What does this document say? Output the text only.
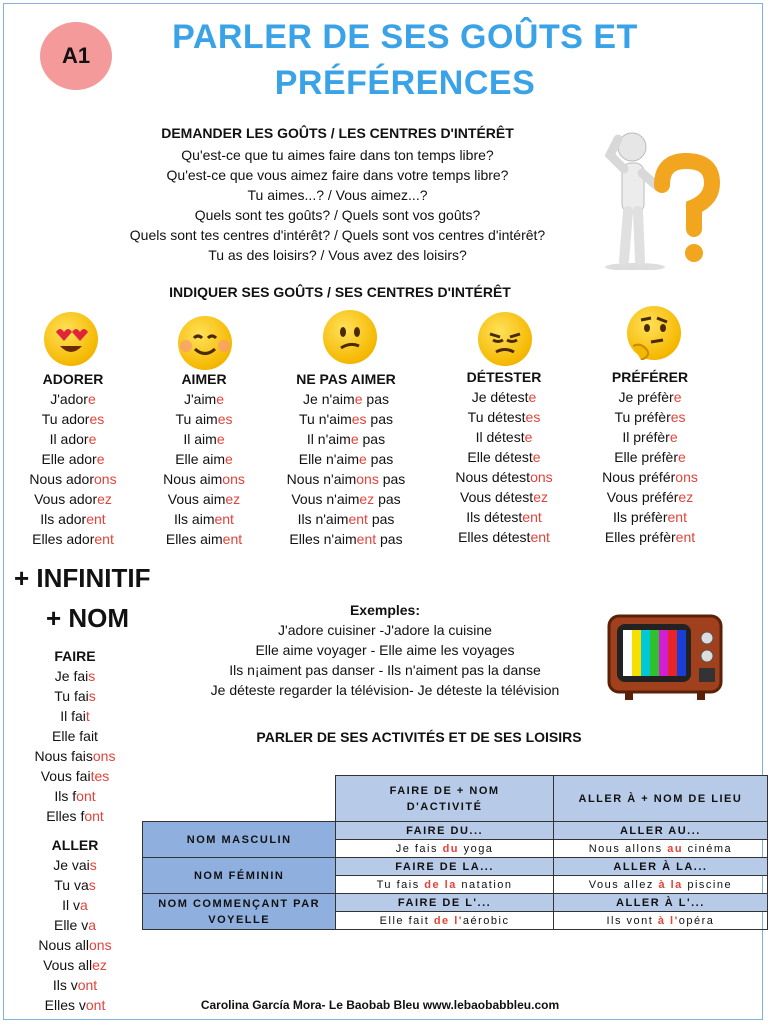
A1	PARLER DE SES GOÛTS ET
PRÉFÉRENCES
DEMANDER LES GOÛTS / LES CENTRES D'INTÉRÊT
Qu'est-ce que tu aimes faire dans ton temps libre?
Qu'est-ce que vous aimez faire dans votre temps libre?
Tu aimes...? / Vous aimez...?
Quels sont tes goûts? / Quels sont vos goûts?
Quels sont tes centres d'intérêt? / Quels sont vos centres d'intérêt?
Tu as des loisirs? / Vous avez des loisirs?
INDIQUER SES GOÛTS / SES CENTRES D'INTÉRÊT
ADORER
J'adore
Tu adores
Il adore
Elle adore
Nous adorons
Vous adorez
Ils adorent
Elles adorent
AIMER
J'aime
Tu aimes
Il aime
Elle aime
Nous aimons
Vous aimez
Ils aiment
Elles aiment
NE PAS AIMER
Je n'aime pas
Tu n'aimes pas
Il n'aime pas
Elle n'aime pas
Nous n'aimons pas
Vous n'aimez pas
Ils n'aiment pas
Elles n'aiment pas
DÉTESTER
Je déteste
Tu détestes
Il déteste
Elle déteste
Nous détestons
Vous détestez
Ils détestent
Elles détestent
PRÉFÉRER
Je préfère
Tu préfères
Il préfère
Elle préfère
Nous préférons
Vous préférez
Ils préfèrent
Elles préfèrent
+ INFINITIF
+ NOM
FAIRE
Je fais
Tu fais
Il fait
Elle fait
Nous faisons
Vous faites
Ils font
Elles font
ALLER
Je vais
Tu vas
Il va
Elle va
Nous allons
Vous allez
Ils vont
Elles vont
Exemples:
J'adore cuisiner -J'adore la cuisine
Elle aime voyager - Elle aime les voyages
Ils n¡aiment pas danser - Ils n'aiment pas la danse
Je déteste regarder la télévision- Je déteste la télévision
PARLER DE SES ACTIVITÉS ET DE SES LOISIRS
	FAIRE DE + NOM D'ACTIVITÉ	ALLER À + NOM DE LIEU
NOM MASCULIN	FAIRE DU...	ALLER AU...
	Je fais du yoga	Nous allons au cinéma
NOM FÉMININ	FAIRE DE LA...	ALLER À LA...
	Tu fais de la natation	Vous allez à la piscine
NOM COMMENÇANT PAR VOYELLE	FAIRE DE L'...	ALLER À L'...
	Elle fait de l'aérobic	Ils vont à l'opéra
Carolina García Mora- Le Baobab Bleu www.lebaobabbleu.com
